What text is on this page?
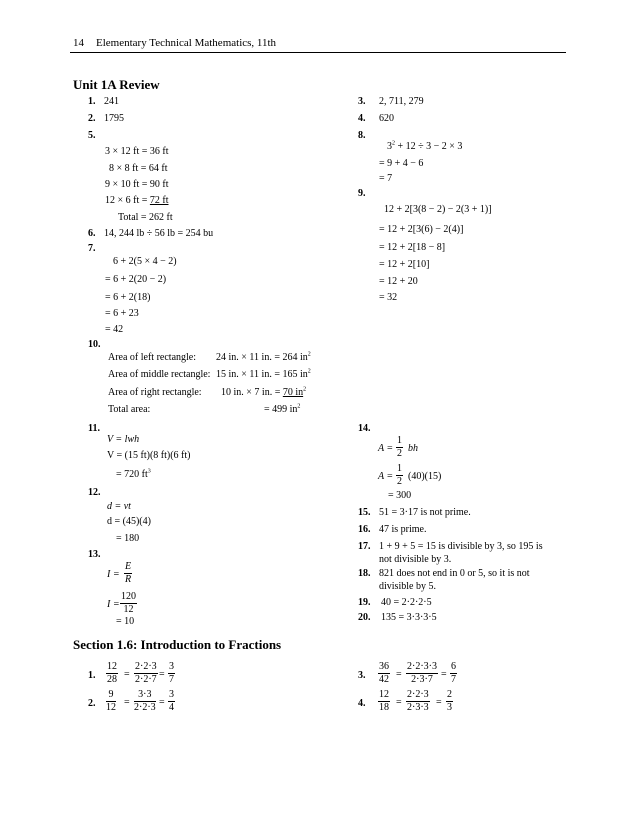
14 Elementary Technical Mathematics, 11th
Unit 1A Review
1. 241
2. 1795
5.
3 × 12 ft = 36 ft
8 × 8 ft = 64 ft
9 × 10 ft = 90 ft
12 × 6 ft = 72 ft
Total = 262 ft
6. 14, 244 lb ÷ 56 lb = 254 bu
7.
6 + 2(5 × 4 − 2)
= 6 + 2(20 − 2)
= 6 + 2(18)
= 6 + 23
= 42
10.
Area of left rectangle: 24 in. × 11 in. = 264 $in^2$
Area of middle rectangle: 15 in. × 11 in. = 165 $in^2$
Area of right rectangle: 10 in. × 7 in. = 70 $in^2$
Total area:	= 499 $in^2$
11.
V = lwh
V = (15 ft)(8 ft)(6 ft)
= 720 $ft^3$
12.
d = vt
d = (45)(4)
= 180
13.
$I = \frac{E}{R}$
$I = \frac{120}{12}$
= 10
3. 2, 711, 279
4. 620
8.
$3^2 + 12 \div 3 - 2 \times 3$
= 9 + 4 − 6
= 7
9.
12 + 2[3(8 − 2) − 2(3 + 1)]
= 12 + 2[3(6) − 2(4)]
= 12 + 2[18 − 8]
= 12 + 2[10]
= 12 + 20
= 32
14.
$A = \frac{1}{2}$ bh
$A = \frac{1}{2} (40)(15)$
= 300
15. 51 = 3·17 is not prime.
16. 47 is prime.
17. 1 + 9 + 5 = 15 is divisible by 3, so 195 is
not divisible by 3.
18. 821 does not end in 0 or 5, so it is not
divisible by 5.
19. 40 = 2·2·2·5
20. 135 = 3·3·3·5
Section 1.6: Introduction to Fractions
1. $\frac{12}{28} = \frac{2\cdot 2\cdot 3}{2\cdot 2\cdot 7} = \frac{3}{7}$
2. $\frac{9}{12} = \frac{3\cdot 3}{2\cdot 2\cdot 3} = \frac{3}{4}$
3. $\frac{36}{42} = \frac{2\cdot 2\cdot 3\cdot 3}{2\cdot 3\cdot 7} = \frac{6}{7}$
4. $\frac{12}{18} = \frac{2\cdot 2\cdot 3}{2\cdot 3\cdot 3} = \frac{2}{3}$
